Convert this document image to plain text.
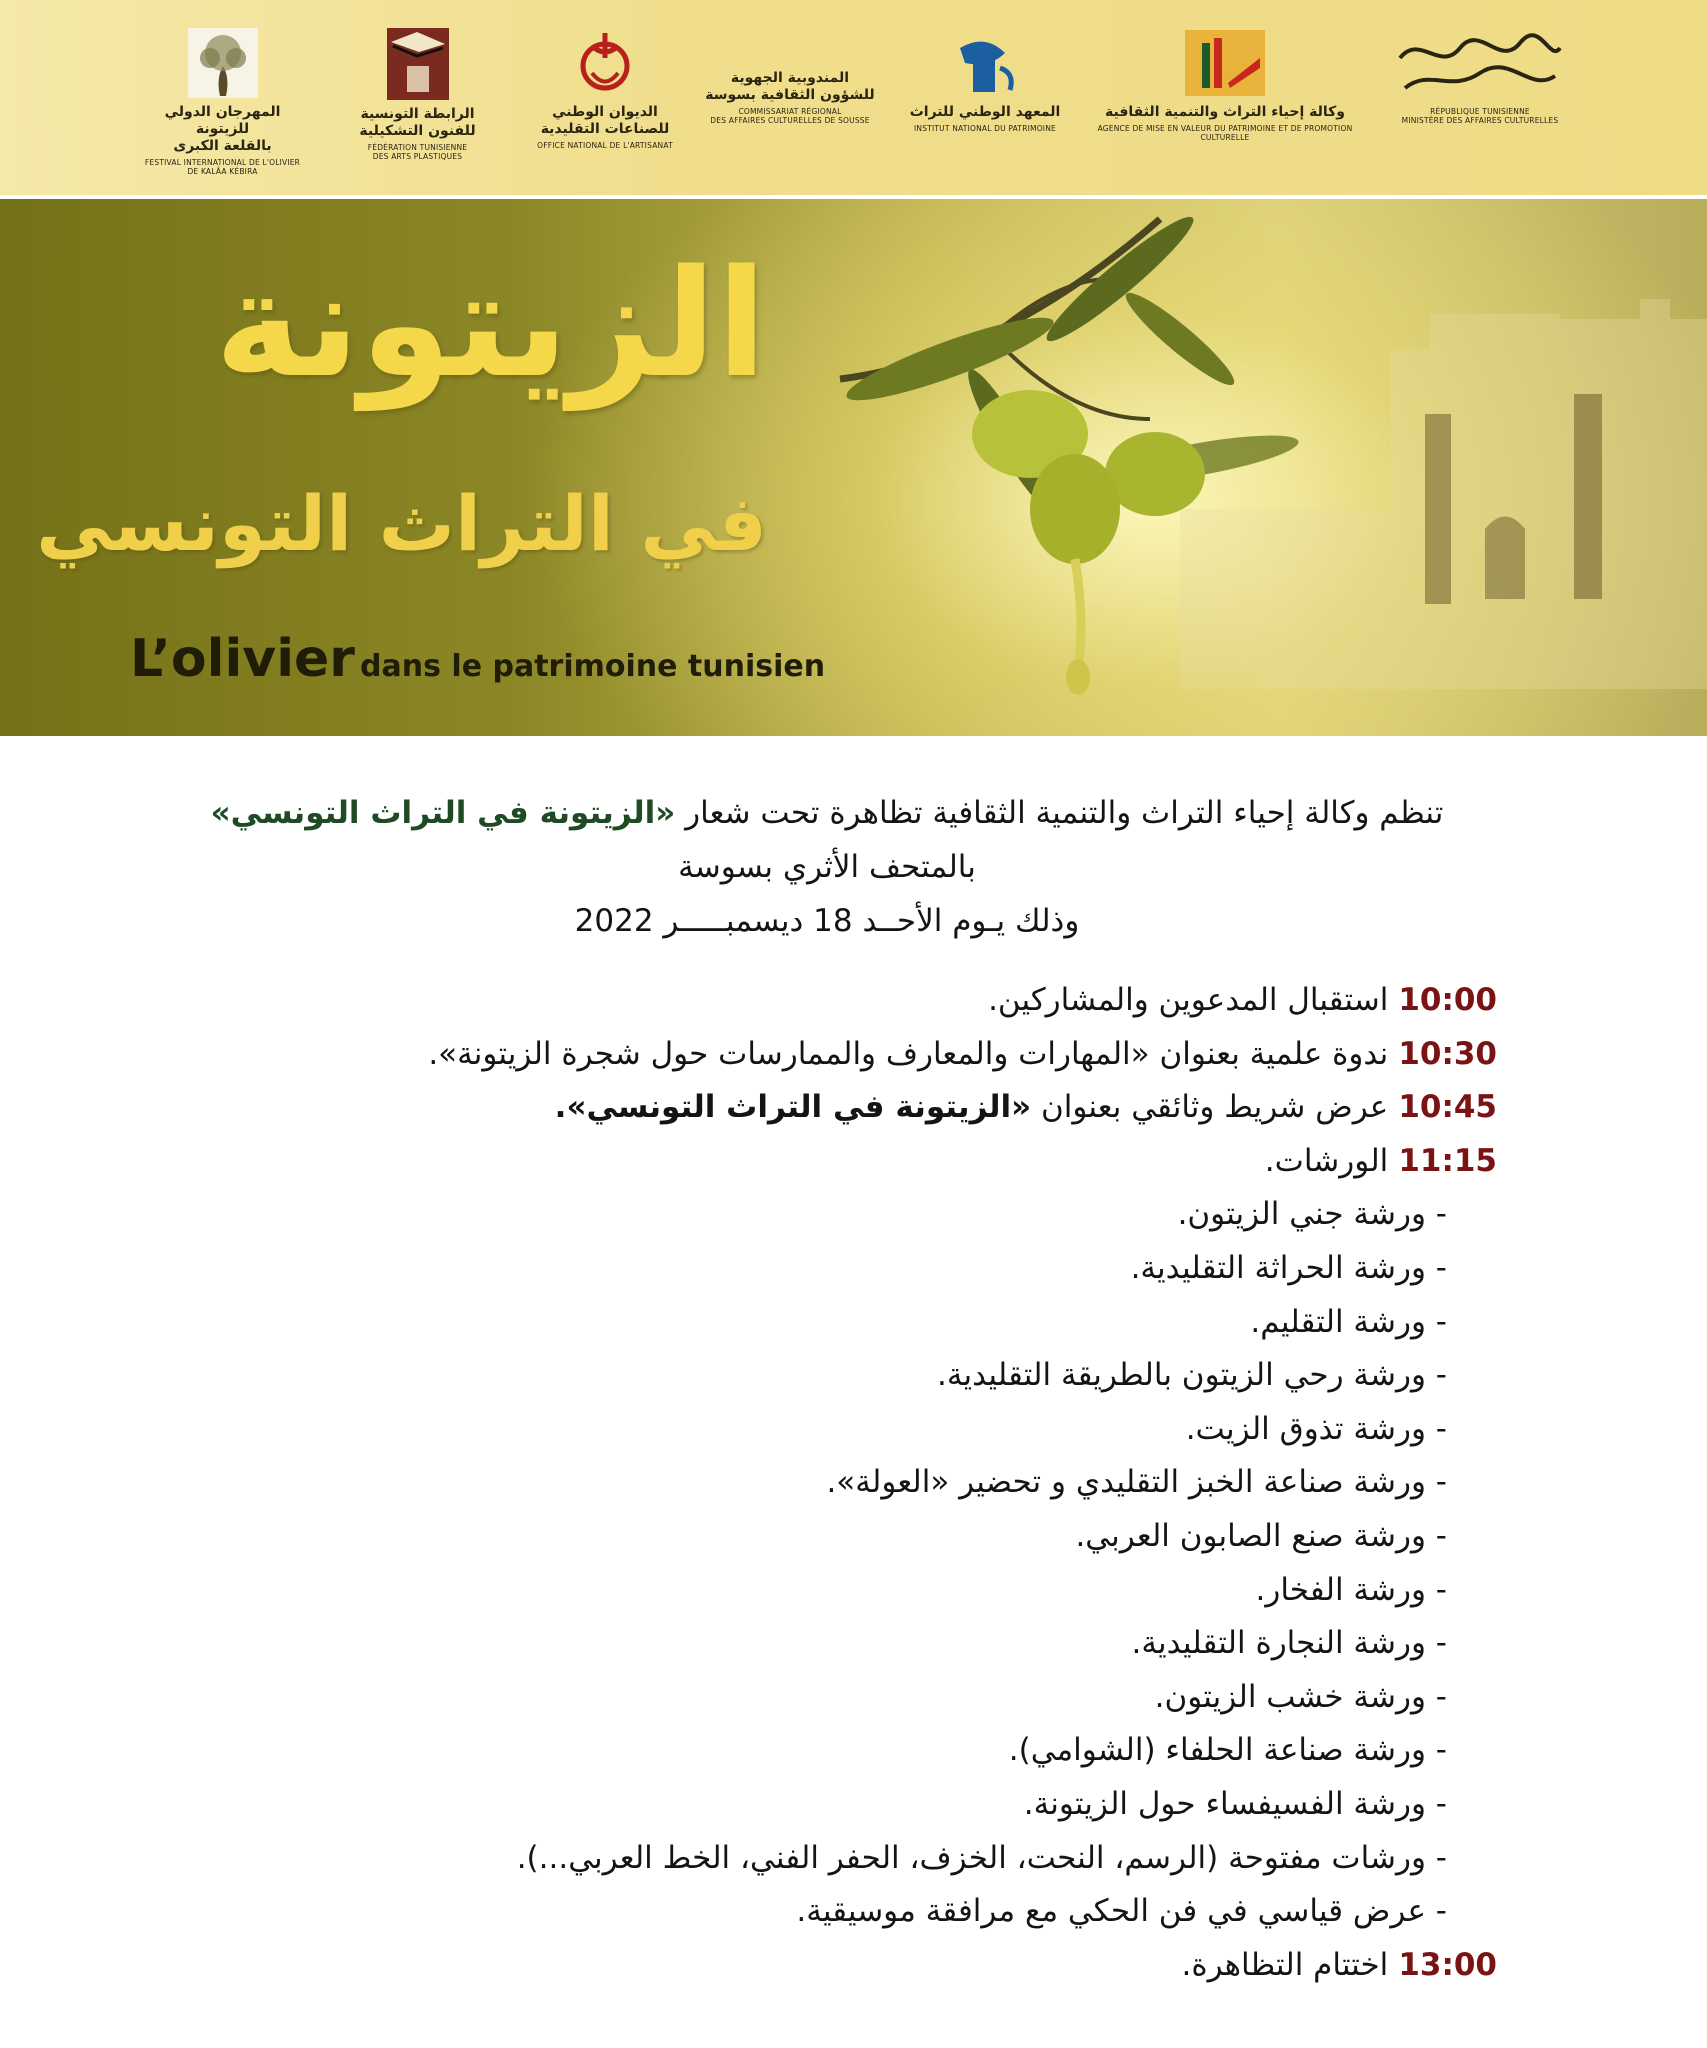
RÉPUBLIQUE TUNISIENNE
MINISTÈRE DES AFFAIRES CULTURELLES
وكالة إحياء التراث والتنمية الثقافية
AGENCE DE MISE EN VALEUR DU PATRIMOINE ET DE PROMOTION CULTURELLE
المعهد الوطني للتراث
INSTITUT NATIONAL DU PATRIMOINE
المندوبية الجهوية
للشؤون الثقافية بسوسة
COMMISSARIAT RÉGIONAL
DES AFFAIRES CULTURELLES DE SOUSSE
الديوان الوطني
للصناعات التقليدية
OFFICE NATIONAL DE L'ARTISANAT
الرابطة التونسية
للفنون التشكيلية
FÉDÉRATION TUNISIENNE
DES ARTS PLASTIQUES
المهرجان الدولي للزيتونة
بالقلعة الكبرى
FESTIVAL INTERNATIONAL DE L'OLIVIER
DE KALÂA KÉBIRA
الزيتونة
في التراث التونسي
L’olivier dans le patrimoine tunisien
تنظم وكالة إحياء التراث والتنمية الثقافية تظاهرة تحت شعار «الزيتونة في التراث التونسي»
بالمتحف الأثري بسوسة
وذلك يـوم الأحــد 18 ديسمبـــــر 2022
10:00استقبال المدعوين والمشاركين.
10:30ندوة علمية بعنوان «المهارات والمعارف والممارسات حول شجرة الزيتونة».
10:45عرض شريط وثائقي بعنوان «الزيتونة في التراث التونسي».
11:15الورشات.
- ورشة جني الزيتون.
- ورشة الحراثة التقليدية.
- ورشة التقليم.
- ورشة رحي الزيتون بالطريقة التقليدية.
- ورشة تذوق الزيت.
- ورشة صناعة الخبز التقليدي و تحضير «العولة».
- ورشة صنع الصابون العربي.
- ورشة الفخار.
- ورشة النجارة التقليدية.
- ورشة خشب الزيتون.
- ورشة صناعة الحلفاء (الشوامي).
- ورشة الفسيفساء حول الزيتونة.
- ورشات مفتوحة (الرسم، النحت، الخزف، الحفر الفني، الخط العربي...).
- عرض قياسي في فن الحكي مع مرافقة موسيقية.
13:00اختتام التظاهرة.
